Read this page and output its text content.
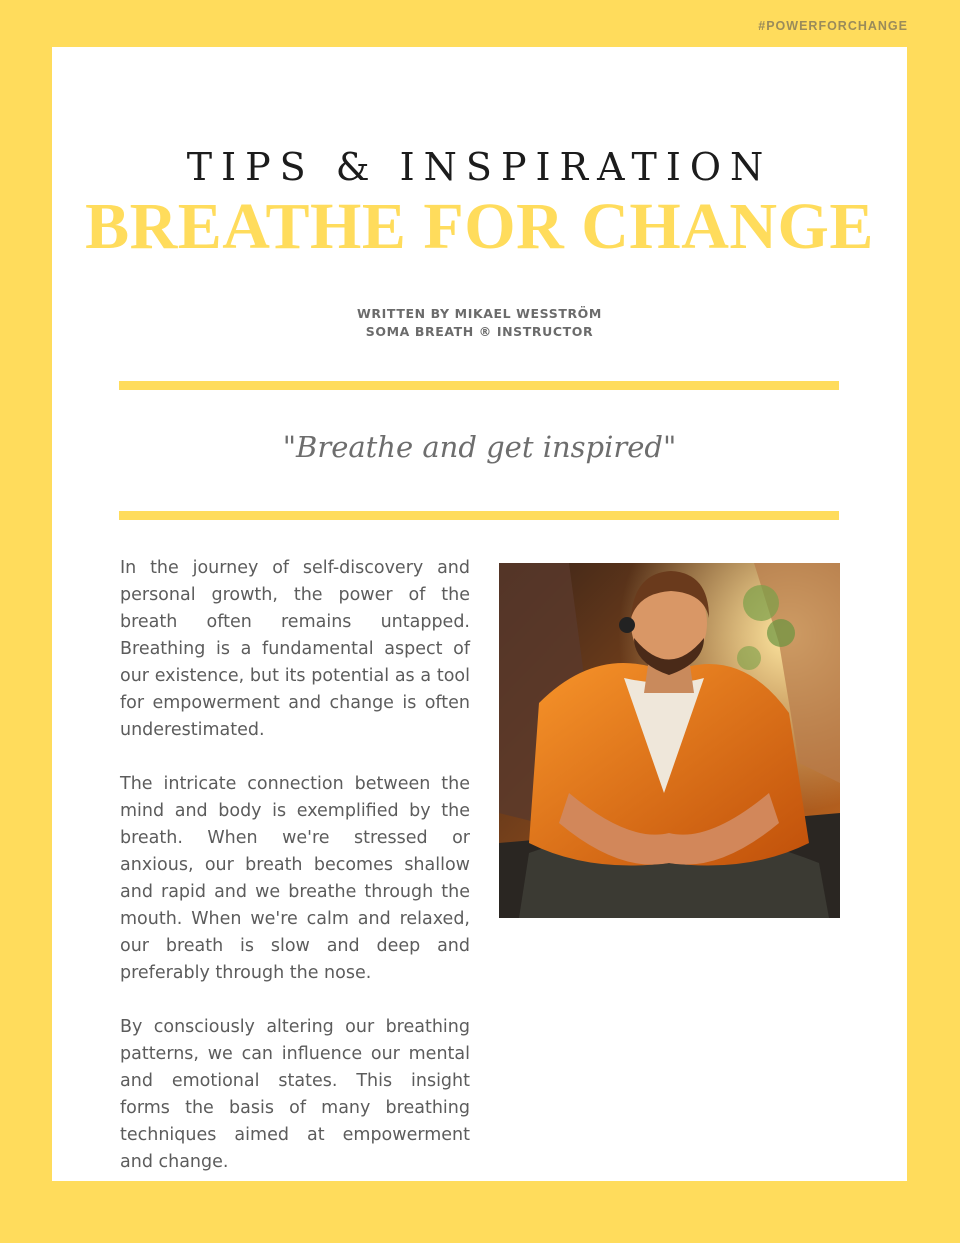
#POWERFORCHANGE
TIPS & INSPIRATION
BREATHE FOR CHANGE
WRITTEN BY MIKAEL WESSTRÖM
SOMA BREATH ® INSTRUCTOR
"Breathe and get inspired"

In the journey of self-discovery and personal growth, the power of the breath often remains untapped. Breathing is a fundamental aspect of our existence, but its potential as a tool for empowerment and change is often underestimated.

The intricate connection between the mind and body is exemplified by the breath. When we're stressed or anxious, our breath becomes shallow and rapid and we breathe through the mouth. When we're calm and relaxed, our breath is slow and deep and preferably through the nose.

By consciously altering our breathing patterns, we can influence our mental and emotional states. This insight forms the basis of many breathing techniques aimed at empowerment and change.
